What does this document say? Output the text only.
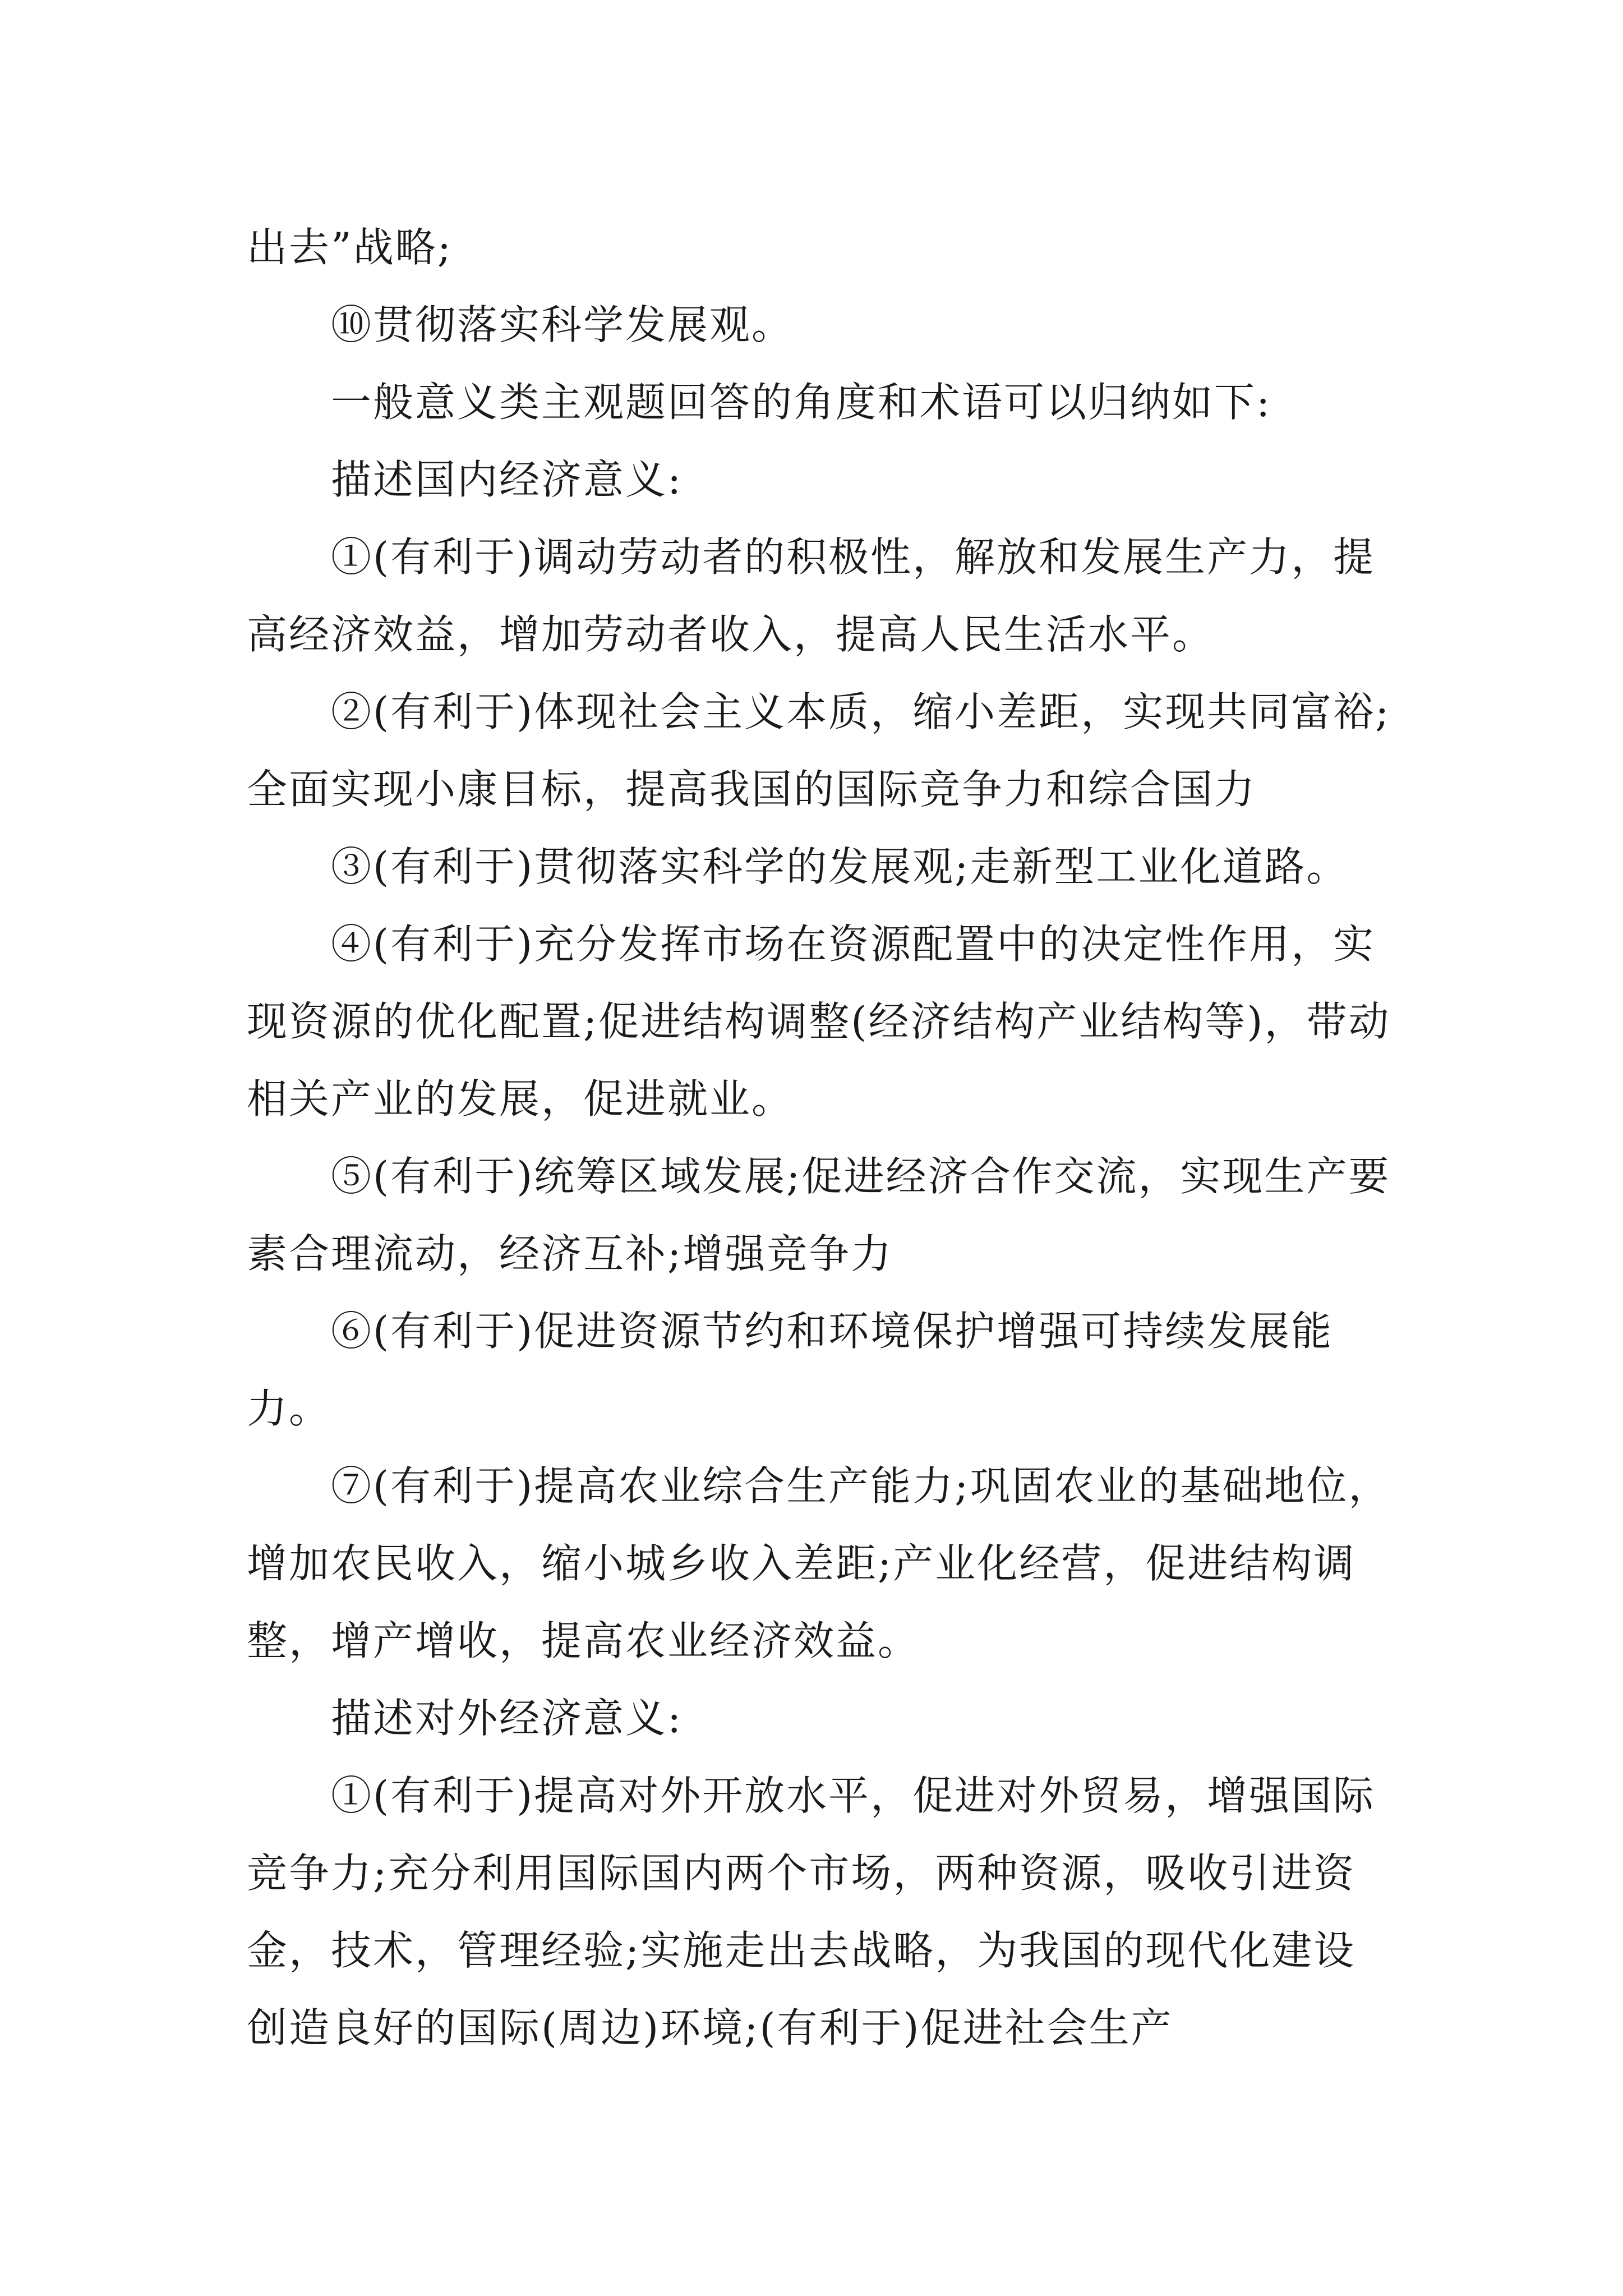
出去”战略;

⑩贯彻落实科学发展观。

一般意义类主观题回答的角度和术语可以归纳如下:

描述国内经济意义:

①(有利于)调动劳动者的积极性，解放和发展生产力，提高经济效益，增加劳动者收入，提高人民生活水平。

②(有利于)体现社会主义本质，缩小差距，实现共同富裕;全面实现小康目标，提高我国的国际竞争力和综合国力

③(有利于)贯彻落实科学的发展观;走新型工业化道路。

④(有利于)充分发挥市场在资源配置中的决定性作用，实现资源的优化配置;促进结构调整(经济结构产业结构等)，带动相关产业的发展，促进就业。

⑤(有利于)统筹区域发展;促进经济合作交流，实现生产要素合理流动，经济互补;增强竞争力

⑥(有利于)促进资源节约和环境保护增强可持续发展能力。

⑦(有利于)提高农业综合生产能力;巩固农业的基础地位，增加农民收入，缩小城乡收入差距;产业化经营，促进结构调整，增产增收，提高农业经济效益。

描述对外经济意义:

①(有利于)提高对外开放水平，促进对外贸易，增强国际竞争力;充分利用国际国内两个市场，两种资源，吸收引进资金，技术，管理经验;实施走出去战略，为我国的现代化建设创造良好的国际(周边)环境;(有利于)促进社会生产
